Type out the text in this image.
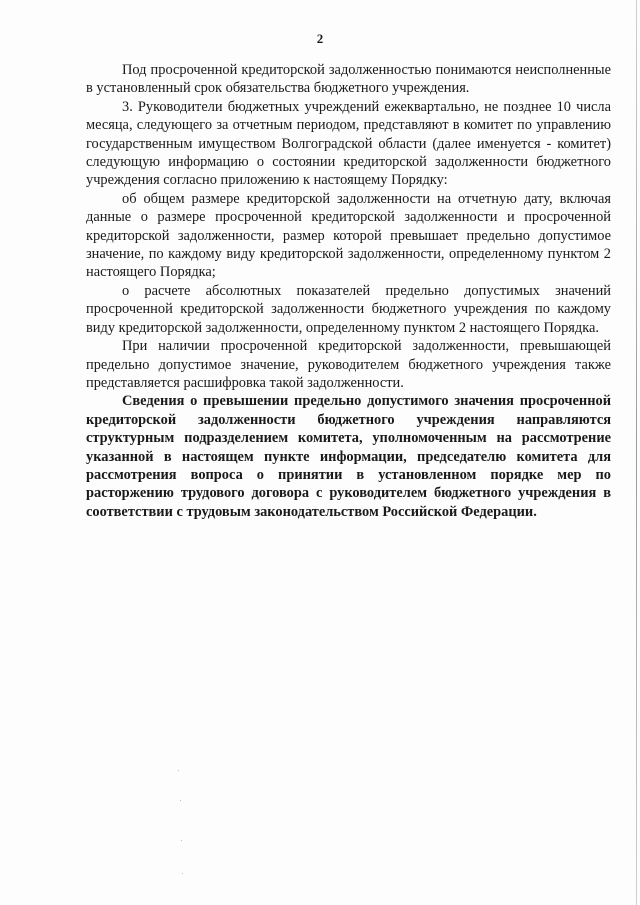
2

Под просроченной кредиторской задолженностью понимаются неисполненные в установленный срок обязательства бюджетного учреждения.

3. Руководители бюджетных учреждений ежеквартально, не позднее 10 числа месяца, следующего за отчетным периодом, представляют в комитет по управлению государственным имуществом Волгоградской области (далее именуется - комитет) следующую информацию о состоянии кредиторской задолженности бюджетного учреждения согласно приложению к настоящему Порядку:

об общем размере кредиторской задолженности на отчетную дату, включая данные о размере просроченной кредиторской задолженности и просроченной кредиторской задолженности, размер которой превышает предельно допустимое значение, по каждому виду кредиторской задолженности, определенному пунктом 2 настоящего Порядка;

о расчете абсолютных показателей предельно допустимых значений просроченной кредиторской задолженности бюджетного учреждения по каждому виду кредиторской задолженности, определенному пунктом 2 настоящего Порядка.

При наличии просроченной кредиторской задолженности, превышающей предельно допустимое значение, руководителем бюджетного учреждения также представляется расшифровка такой задолженности.

Сведения о превышении предельно допустимого значения просроченной кредиторской задолженности бюджетного учреждения направляются структурным подразделением комитета, уполномоченным на рассмотрение указанной в настоящем пункте информации, председателю комитета для рассмотрения вопроса о принятии в установленном порядке мер по расторжению трудового договора с руководителем бюджетного учреждения в соответствии с трудовым законодательством Российской Федерации.
